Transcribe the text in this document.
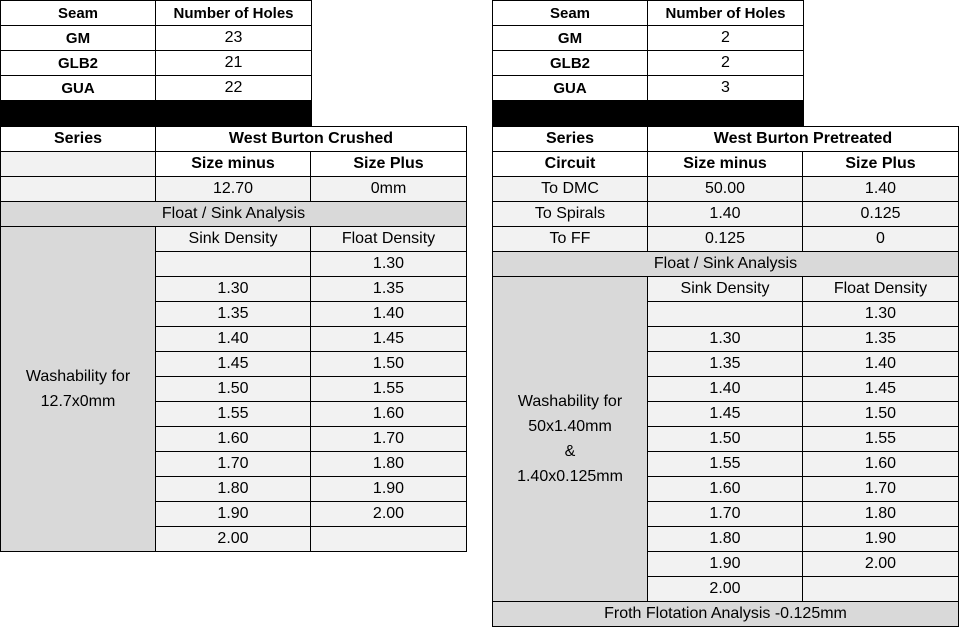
Seam	Number of Holes
GM	23
GLB2	21
GUA	22

Series	West Burton Crushed	
	Size minus	Size Plus
	12.70	0mm
Float / Sink Analysis		

Washability for 12.7x0mm	Sink Density	Float Density
		1.30
	1.30	1.35
	1.35	1.40
	1.40	1.45
	1.45	1.50
	1.50	1.55
	1.55	1.60
	1.60	1.70
	1.70	1.80
	1.80	1.90
	1.90	2.00
	2.00	
Seam	Number of Holes
GM	2
GLB2	2
GUA	3

Series	West Burton Pretreated	
Circuit	Size minus	Size Plus
To DMC	50.00	1.40
To Spirals	1.40	0.125
To FF	0.125	0
Float / Sink Analysis		

Washability for
50x1.40mm
&
1.40x0.125mm	Sink Density	Float Density
		1.30
	1.30	1.35
	1.35	1.40
	1.40	1.45
	1.45	1.50
	1.50	1.55
	1.55	1.60
	1.60	1.70
	1.70	1.80
	1.80	1.90
	1.90	2.00
	2.00	
Froth Flotation Analysis -0.125mm		
